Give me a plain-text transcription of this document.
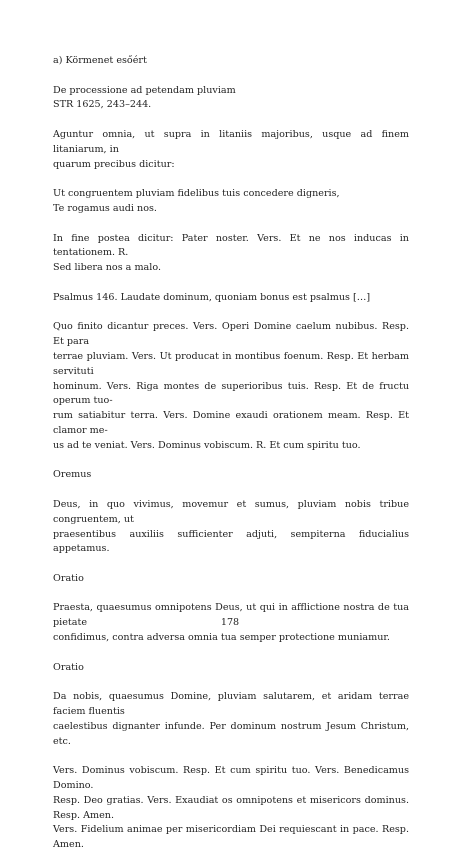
a) Körmenet esőért

De processione ad petendam pluviam
STR 1625, 243–244.

Aguntur omnia, ut supra in litaniis majoribus, usque ad finem litaniarum, in
quarum precibus dicitur:

Ut congruentem pluviam fidelibus tuis concedere digneris,
Te rogamus audi nos.

In fine postea dicitur: Pater noster. Vers. Et ne nos inducas in tentationem. R.
Sed libera nos a malo.

Psalmus 146. Laudate dominum, quoniam bonus est psalmus […]

Quo finito dicantur preces. Vers. Operi Domine caelum nubibus. Resp. Et para
terrae pluviam. Vers. Ut producat in montibus foenum. Resp. Et herbam servituti
hominum. Vers. Riga montes de superioribus tuis. Resp. Et de fructu operum tuo-
rum satiabitur terra. Vers. Domine exaudi orationem meam. Resp. Et clamor me-
us ad te veniat. Vers. Dominus vobiscum. R. Et cum spiritu tuo.

Oremus

Deus, in quo vivimus, movemur et sumus, pluviam nobis tribue congruentem, ut
praesentibus auxiliis sufficienter adjuti, sempiterna fiducialius appetamus.

Oratio

Praesta, quaesumus omnipotens Deus, ut qui in afflictione nostra de tua pietate
confidimus, contra adversa omnia tua semper protectione muniamur.

Oratio

Da nobis, quaesumus Domine, pluviam salutarem, et aridam terrae faciem fluentis
caelestibus dignanter infunde. Per dominum nostrum Jesum Christum, etc.

Vers. Dominus vobiscum. Resp. Et cum spiritu tuo. Vers. Benedicamus Domino.
Resp. Deo gratias. Vers. Exaudiat os omnipotens et misericors dominus. Resp. Amen.
Vers. Fidelium animae per misericordiam Dei requiescant in pace. Resp. Amen.

178
